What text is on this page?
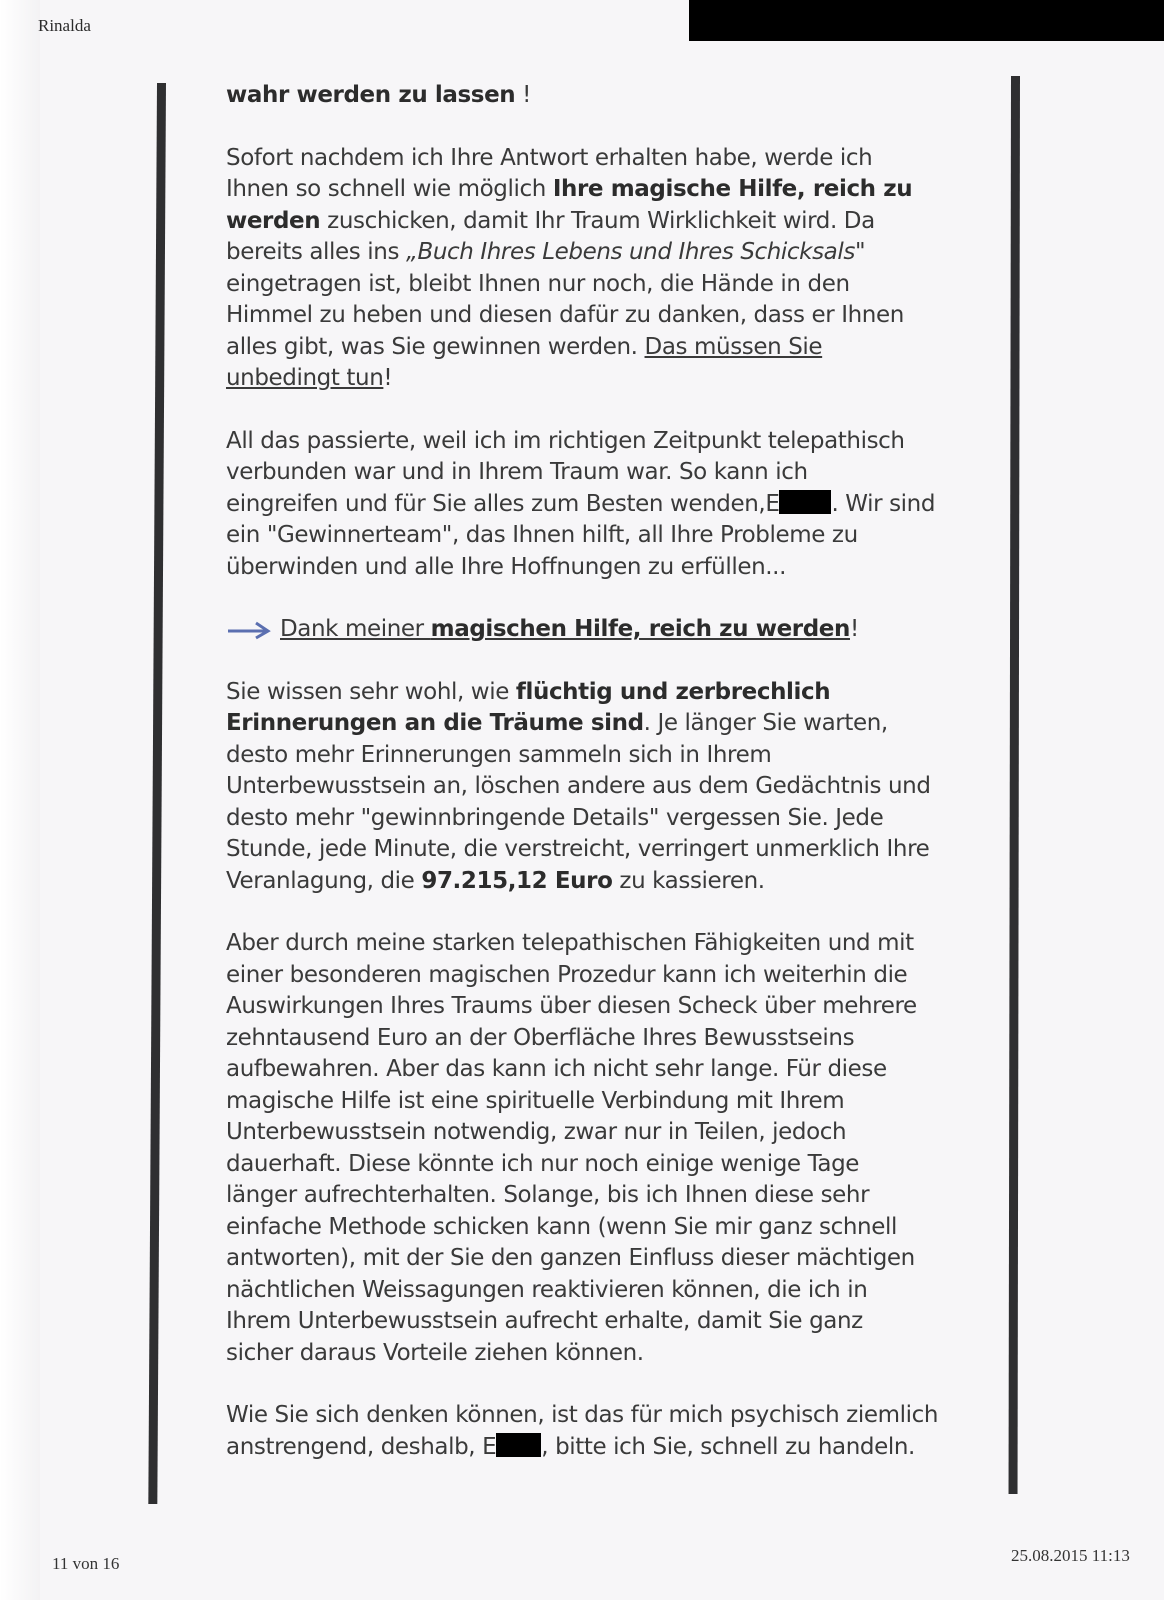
Rinalda

wahr werden zu lassen !

Sofort nachdem ich Ihre Antwort erhalten habe, werde ich
Ihnen so schnell wie möglich Ihre magische Hilfe, reich zu
werden zuschicken, damit Ihr Traum Wirklichkeit wird. Da
bereits alles ins „Buch Ihres Lebens und Ihres Schicksals"
eingetragen ist, bleibt Ihnen nur noch, die Hände in den
Himmel zu heben und diesen dafür zu danken, dass er Ihnen
alles gibt, was Sie gewinnen werden. Das müssen Sie
unbedingt tun!

All das passierte, weil ich im richtigen Zeitpunkt telepathisch
verbunden war und in Ihrem Traum war. So kann ich
eingreifen und für Sie alles zum Besten wenden,E . Wir sind
ein "Gewinnerteam", das Ihnen hilft, all Ihre Probleme zu
überwinden und alle Ihre Hoffnungen zu erfüllen...

Dank meiner magischen Hilfe, reich zu werden !

Sie wissen sehr wohl, wie flüchtig und zerbrechlich
Erinnerungen an die Träume sind. Je länger Sie warten,
desto mehr Erinnerungen sammeln sich in Ihrem
Unterbewusstsein an, löschen andere aus dem Gedächtnis und
desto mehr "gewinnbringende Details" vergessen Sie. Jede
Stunde, jede Minute, die verstreicht, verringert unmerklich Ihre
Veranlagung, die 97.215,12 Euro zu kassieren.

Aber durch meine starken telepathischen Fähigkeiten und mit
einer besonderen magischen Prozedur kann ich weiterhin die
Auswirkungen Ihres Traums über diesen Scheck über mehrere
zehntausend Euro an der Oberfläche Ihres Bewusstseins
aufbewahren. Aber das kann ich nicht sehr lange. Für diese
magische Hilfe ist eine spirituelle Verbindung mit Ihrem
Unterbewusstsein notwendig, zwar nur in Teilen, jedoch
dauerhaft. Diese könnte ich nur noch einige wenige Tage
länger aufrechterhalten. Solange, bis ich Ihnen diese sehr
einfache Methode schicken kann (wenn Sie mir ganz schnell
antworten), mit der Sie den ganzen Einfluss dieser mächtigen
nächtlichen Weissagungen reaktivieren können, die ich in
Ihrem Unterbewusstsein aufrecht erhalte, damit Sie ganz
sicher daraus Vorteile ziehen können.

Wie Sie sich denken können, ist das für mich psychisch ziemlich
anstrengend, deshalb, E , bitte ich Sie, schnell zu handeln.

11 von 16	25.08.2015 11:13
